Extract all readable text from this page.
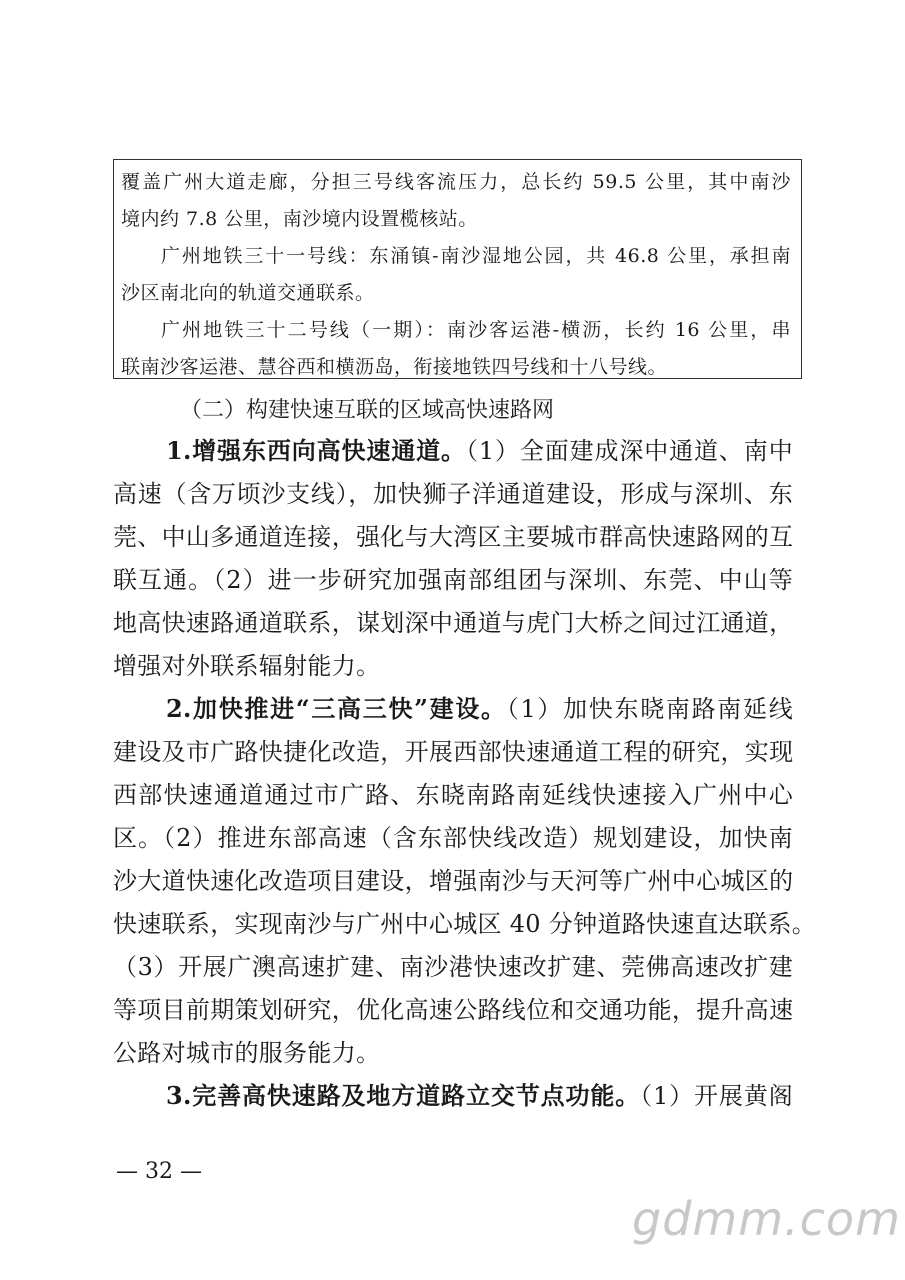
覆盖广州大道走廊，分担三号线客流压力，总长约 59.5 公里，其中南沙
境内约 7.8 公里，南沙境内设置榄核站。
广州地铁三十一号线：东涌镇-南沙湿地公园，共 46.8 公里，承担南
沙区南北向的轨道交通联系。
广州地铁三十二号线（一期）：南沙客运港-横沥，长约 16 公里，串
联南沙客运港、慧谷西和横沥岛，衔接地铁四号线和十八号线。
（二）构建快速互联的区域高快速路网
1.增强东西向高快速通道。（1）全面建成深中通道、南中
高速（含万顷沙支线），加快狮子洋通道建设，形成与深圳、东
莞、中山多通道连接，强化与大湾区主要城市群高快速路网的互
联互通。（2）进一步研究加强南部组团与深圳、东莞、中山等
地高快速路通道联系，谋划深中通道与虎门大桥之间过江通道，
增强对外联系辐射能力。
2.加快推进“三高三快”建设。（1）加快东晓南路南延线
建设及市广路快捷化改造，开展西部快速通道工程的研究，实现
西部快速通道通过市广路、东晓南路南延线快速接入广州中心
区。（2）推进东部高速（含东部快线改造）规划建设，加快南
沙大道快速化改造项目建设，增强南沙与天河等广州中心城区的
快速联系，实现南沙与广州中心城区 40 分钟道路快速直达联系。
（3）开展广澳高速扩建、南沙港快速改扩建、莞佛高速改扩建
等项目前期策划研究，优化高速公路线位和交通功能，提升高速
公路对城市的服务能力。
3.完善高快速路及地方道路立交节点功能。（1）开展黄阁
— 32 —
gdmm.com
